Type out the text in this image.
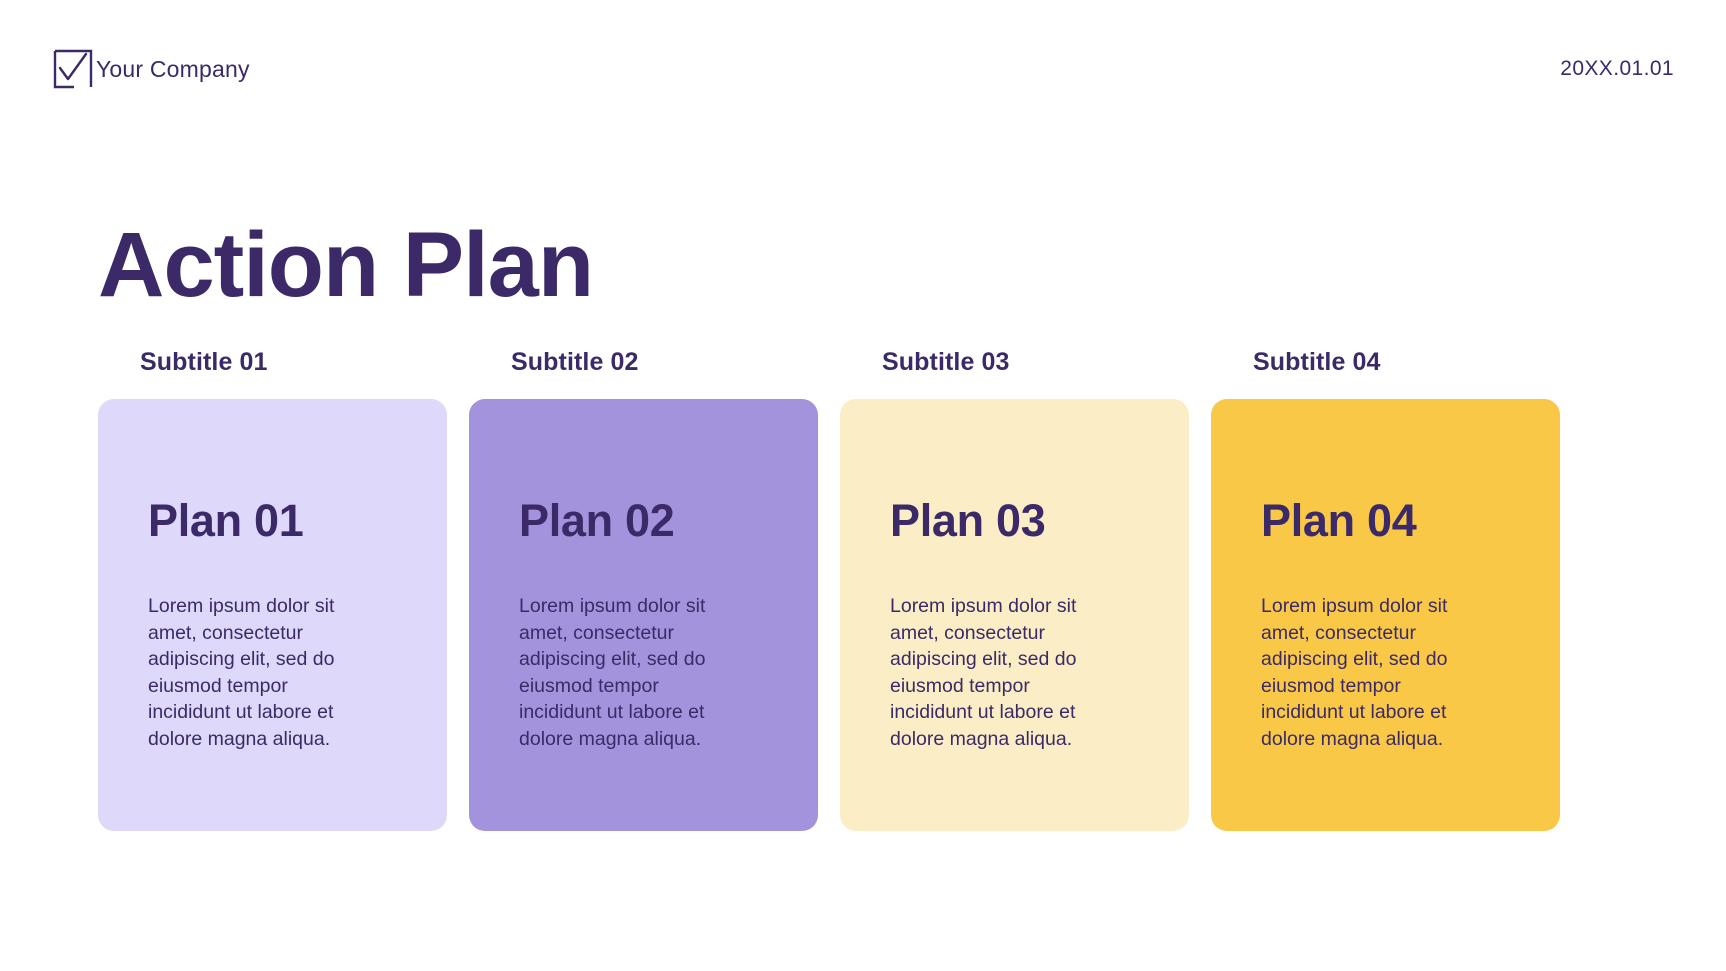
Your Company	20XX.01.01
Action Plan
Subtitle 01
Plan 01

Lorem ipsum dolor sit amet, consectetur adipiscing elit, sed do eiusmod tempor incididunt ut labore et dolore magna aliqua.

Subtitle 02
Plan 02

Lorem ipsum dolor sit amet, consectetur adipiscing elit, sed do eiusmod tempor incididunt ut labore et dolore magna aliqua.

Subtitle 03
Plan 03

Lorem ipsum dolor sit amet, consectetur adipiscing elit, sed do eiusmod tempor incididunt ut labore et dolore magna aliqua.

Subtitle 04
Plan 04

Lorem ipsum dolor sit amet, consectetur adipiscing elit, sed do eiusmod tempor incididunt ut labore et dolore magna aliqua.
